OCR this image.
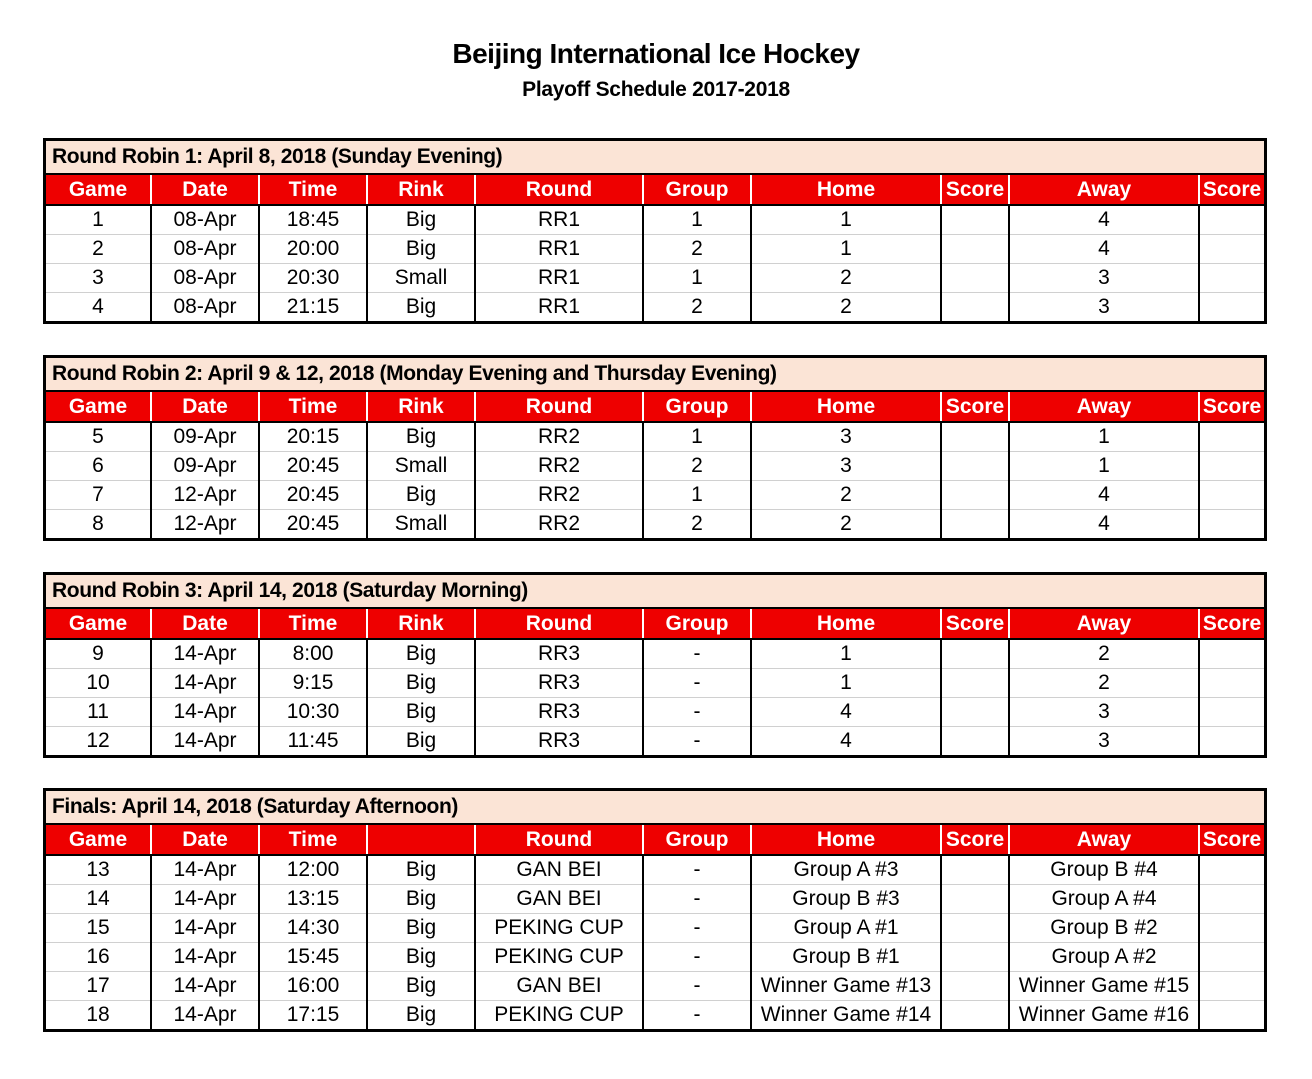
Beijing International Ice Hockey
Playoff Schedule 2017-2018
Round Robin 1: April 8, 2018 (Sunday Evening)
Game	Date	Time	Rink	Round	Group	Home	Score	Away	Score
1	08-Apr	18:45	Big	RR1	1	1		4	
2	08-Apr	20:00	Big	RR1	2	1		4	
3	08-Apr	20:30	Small	RR1	1	2		3	
4	08-Apr	21:15	Big	RR1	2	2		3	
Round Robin 2: April 9 & 12, 2018 (Monday Evening and Thursday Evening)
Game	Date	Time	Rink	Round	Group	Home	Score	Away	Score
5	09-Apr	20:15	Big	RR2	1	3		1	
6	09-Apr	20:45	Small	RR2	2	3		1	
7	12-Apr	20:45	Big	RR2	1	2		4	
8	12-Apr	20:45	Small	RR2	2	2		4	
Round Robin 3: April 14, 2018 (Saturday Morning)
Game	Date	Time	Rink	Round	Group	Home	Score	Away	Score
9	14-Apr	8:00	Big	RR3	-	1		2	
10	14-Apr	9:15	Big	RR3	-	1		2	
11	14-Apr	10:30	Big	RR3	-	4		3	
12	14-Apr	11:45	Big	RR3	-	4		3	
Finals: April 14, 2018 (Saturday Afternoon)
Game	Date	Time		Round	Group	Home	Score	Away	Score
13	14-Apr	12:00	Big	GAN BEI	-	Group A #3		Group B #4	
14	14-Apr	13:15	Big	GAN BEI	-	Group B #3		Group A #4	
15	14-Apr	14:30	Big	PEKING CUP	-	Group A #1		Group B #2	
16	14-Apr	15:45	Big	PEKING CUP	-	Group B #1		Group A #2	
17	14-Apr	16:00	Big	GAN BEI	-	Winner Game #13		Winner Game #15	
18	14-Apr	17:15	Big	PEKING CUP	-	Winner Game #14		Winner Game #16	
